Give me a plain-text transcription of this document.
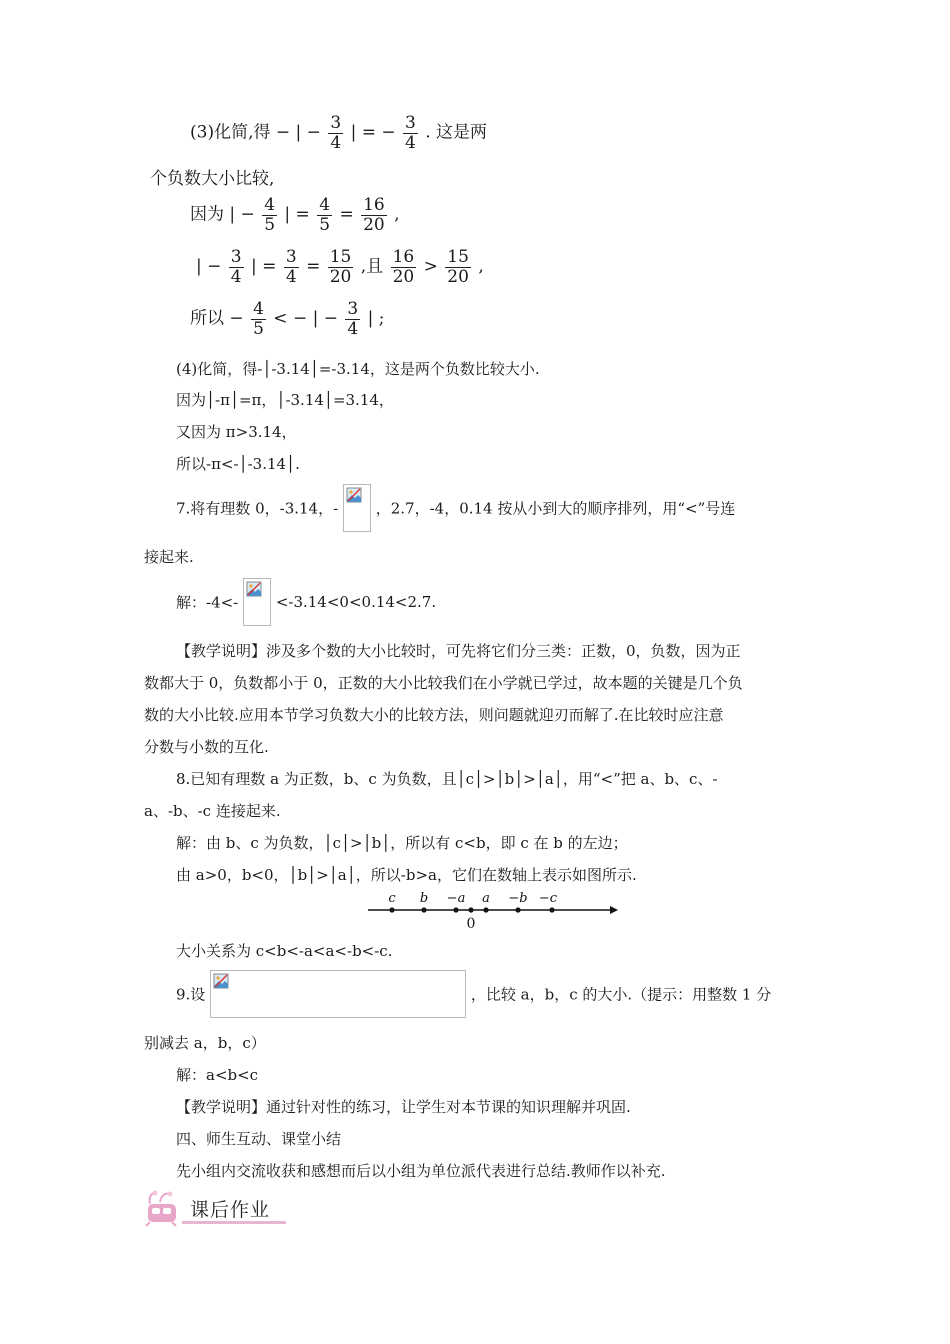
(3)化简,得 − | − $\frac{3}{4}$ | = − $\frac{3}{4}$ . 这是两
个负数大小比较,
因为 | − $\frac{4}{5}$ | = $\frac{4}{5} = \frac{16}{20}$ ,
| − $\frac{3}{4}$ | = $\frac{3}{4} = \frac{15}{20}$ ,且 $\frac{16}{20} > \frac{15}{20}$ ,
所以 − $\frac{4}{5}$ < − | − $\frac{3}{4}$ | ;
(4)化简，得-│-3.14│=-3.14，这是两个负数比较大小.
因为│-π│=π，│-3.14│=3.14，
又因为 π>3.14，
所以-π<-│-3.14│.
7.将有理数 0，-3.14，-	，2.7，-4，0.14 按从小到大的顺序排列，用“<”号连
接起来.
解：-4<-	<-3.14<0<0.14<2.7.
【教学说明】涉及多个数的大小比较时，可先将它们分三类：正数，0，负数，因为正
数都大于 0，负数都小于 0，正数的大小比较我们在小学就已学过，故本题的关键是几个负
数的大小比较.应用本节学习负数大小的比较方法，则问题就迎刃而解了.在比较时应注意
分数与小数的互化.
8.已知有理数 a 为正数，b、c 为负数，且│c│>│b│>│a│，用“<”把 a、b、c、-
a、-b、-c 连接起来.
解：由 b、c 为负数，│c│>│b│，所以有 c<b，即 c 在 b 的左边；
由 a>0，b<0，│b│>│a│，所以-b>a，它们在数轴上表示如图所示.
c b −a a −b −c
0
大小关系为 c<b<-a<a<-b<-c.
9.设	，比较 a，b，c 的大小.（提示：用整数 1 分
别减去 a，b，c）
解：a<b<c
【教学说明】通过针对性的练习，让学生对本节课的知识理解并巩固.
四、师生互动、课堂小结
先小组内交流收获和感想而后以小组为单位派代表进行总结.教师作以补充.
课后作业
